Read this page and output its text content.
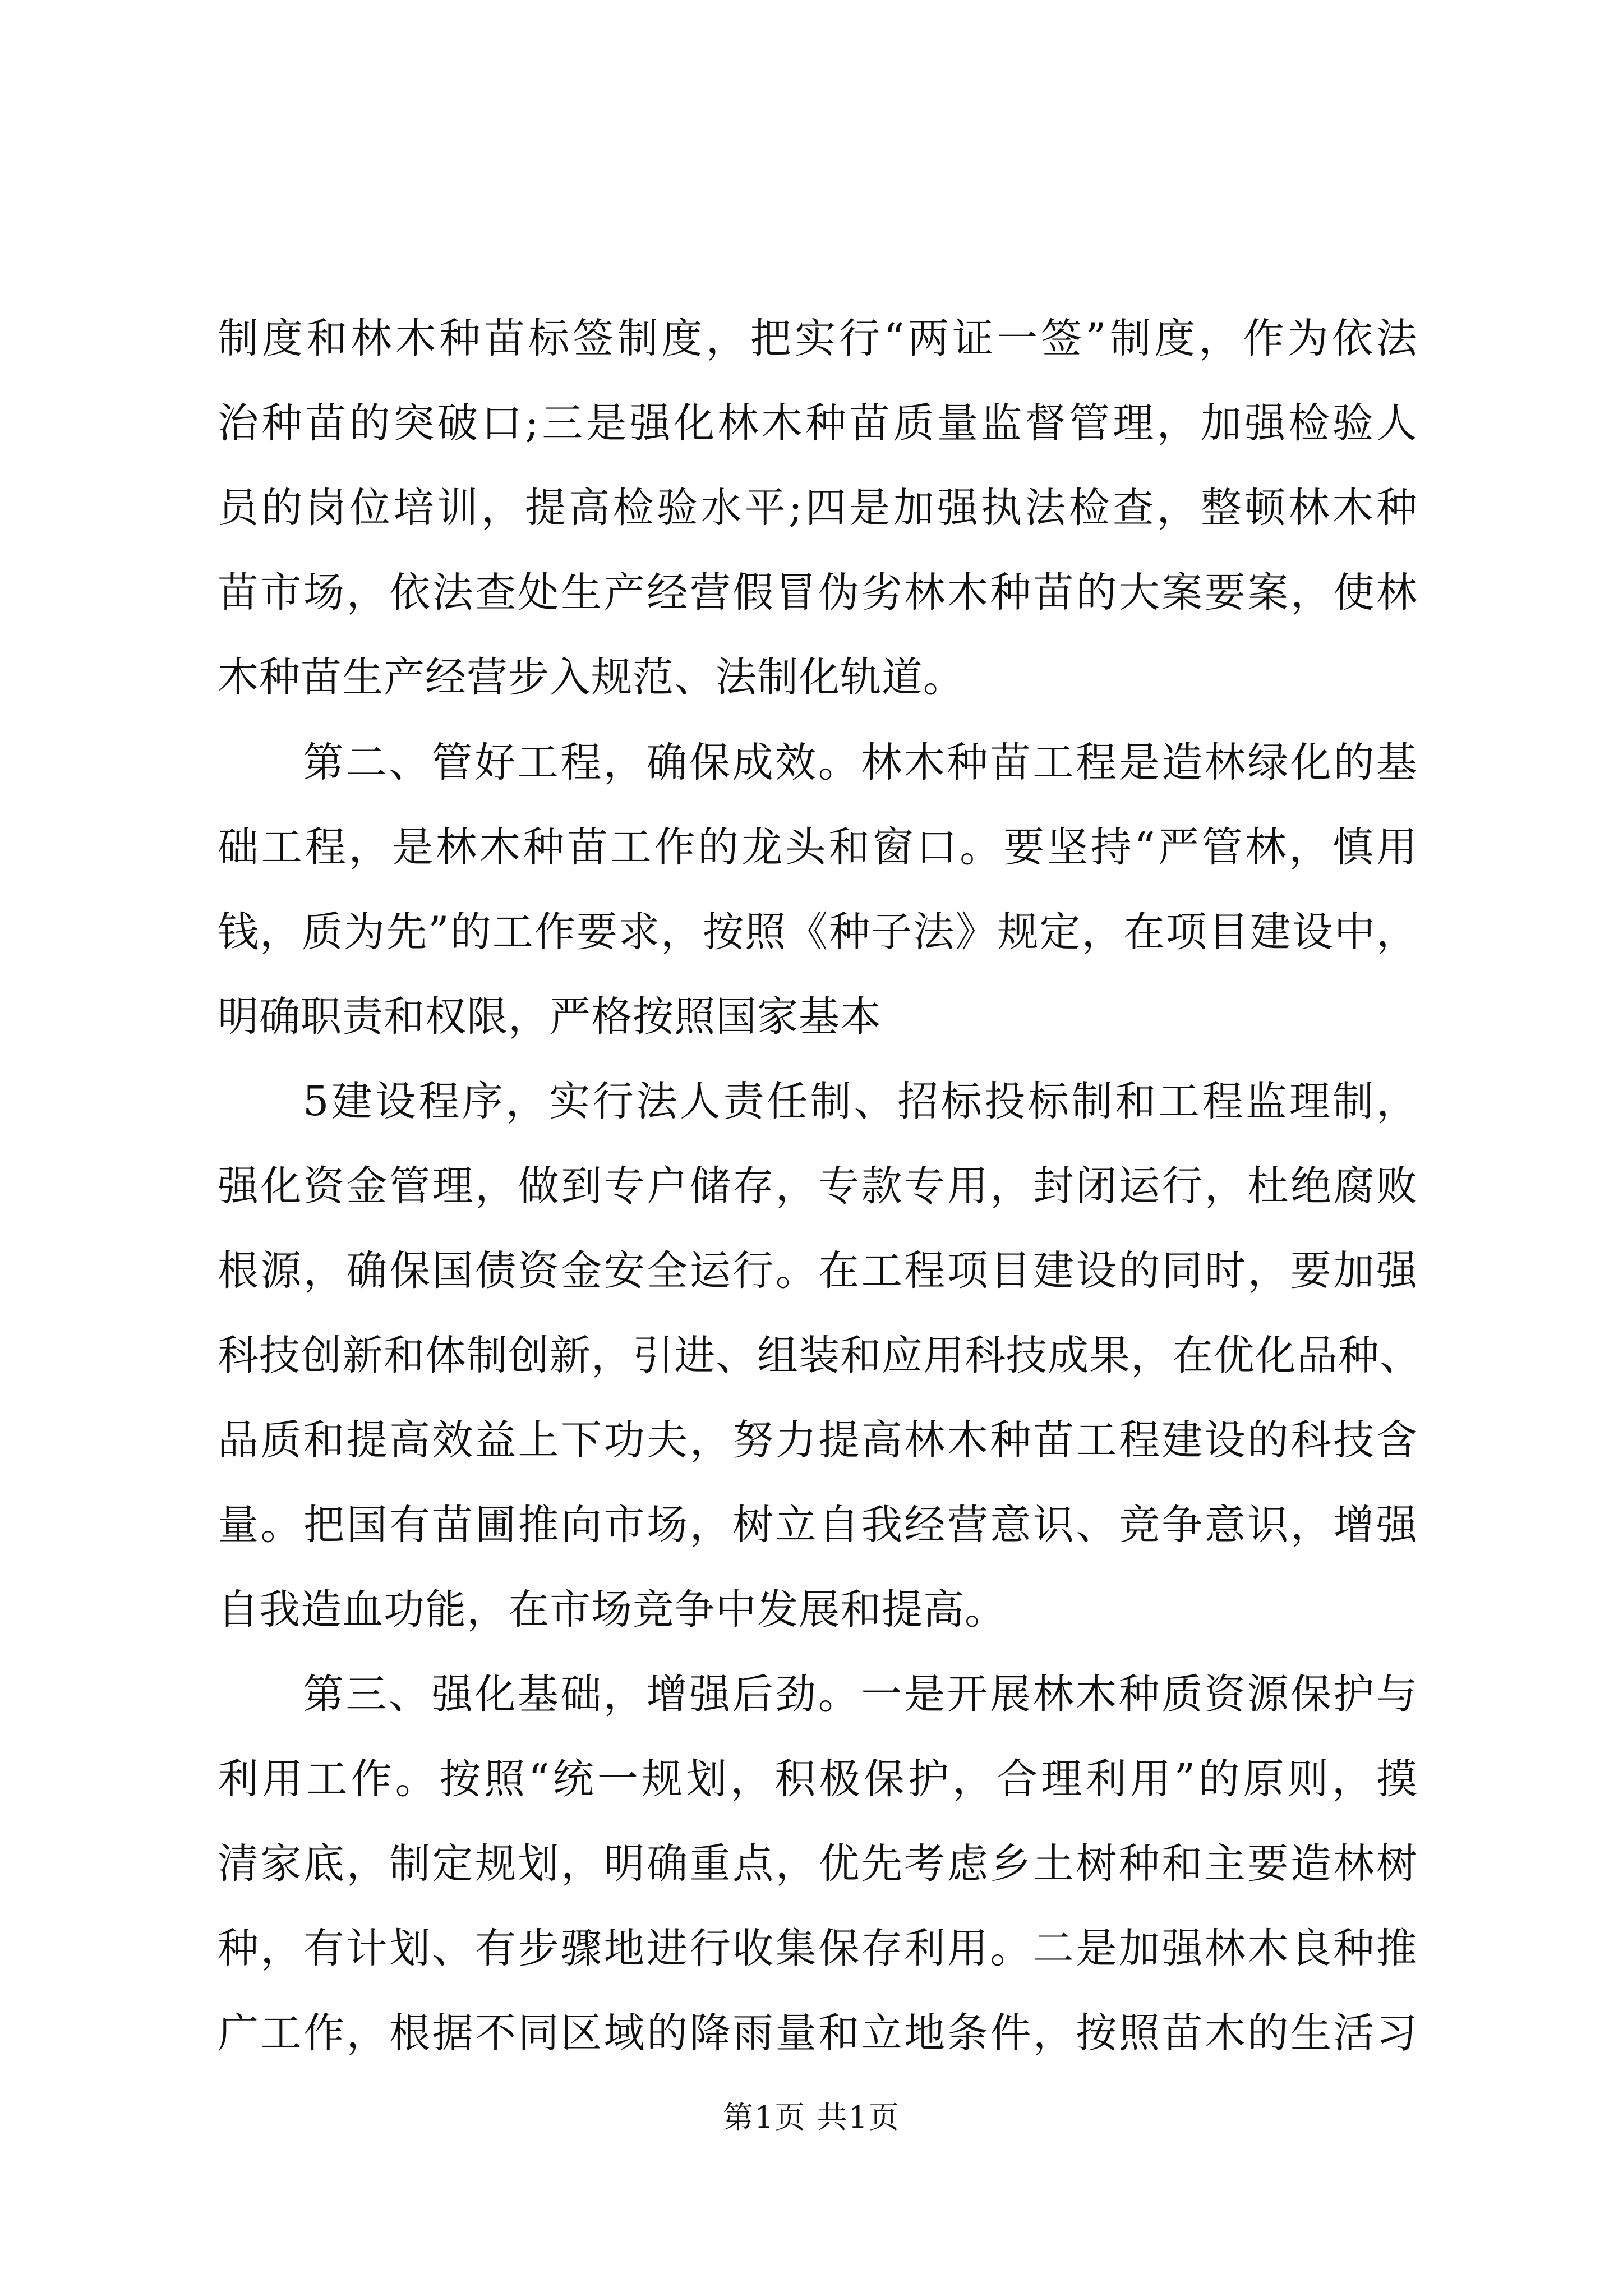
制度和林木种苗标签制度，把实行“两证一签”制度，作为依法
治种苗的突破口;三是强化林木种苗质量监督管理，加强检验人
员的岗位培训，提高检验水平;四是加强执法检查，整顿林木种
苗市场，依法查处生产经营假冒伪劣林木种苗的大案要案，使林
木种苗生产经营步入规范、法制化轨道。
第二、管好工程，确保成效。林木种苗工程是造林绿化的基
础工程，是林木种苗工作的龙头和窗口。要坚持“严管林，慎用
钱，质为先”的工作要求，按照《种子法》规定，在项目建设中，
明确职责和权限，严格按照国家基本
5建设程序，实行法人责任制、招标投标制和工程监理制，
强化资金管理，做到专户储存，专款专用，封闭运行，杜绝腐败
根源，确保国债资金安全运行。在工程项目建设的同时，要加强
科技创新和体制创新，引进、组装和应用科技成果，在优化品种、
品质和提高效益上下功夫，努力提高林木种苗工程建设的科技含
量。把国有苗圃推向市场，树立自我经营意识、竞争意识，增强
自我造血功能，在市场竞争中发展和提高。
第三、强化基础，增强后劲。一是开展林木种质资源保护与
利用工作。按照“统一规划，积极保护，合理利用”的原则，摸
清家底，制定规划，明确重点，优先考虑乡土树种和主要造林树
种，有计划、有步骤地进行收集保存利用。二是加强林木良种推
广工作，根据不同区域的降雨量和立地条件，按照苗木的生活习
第1页 共1页
